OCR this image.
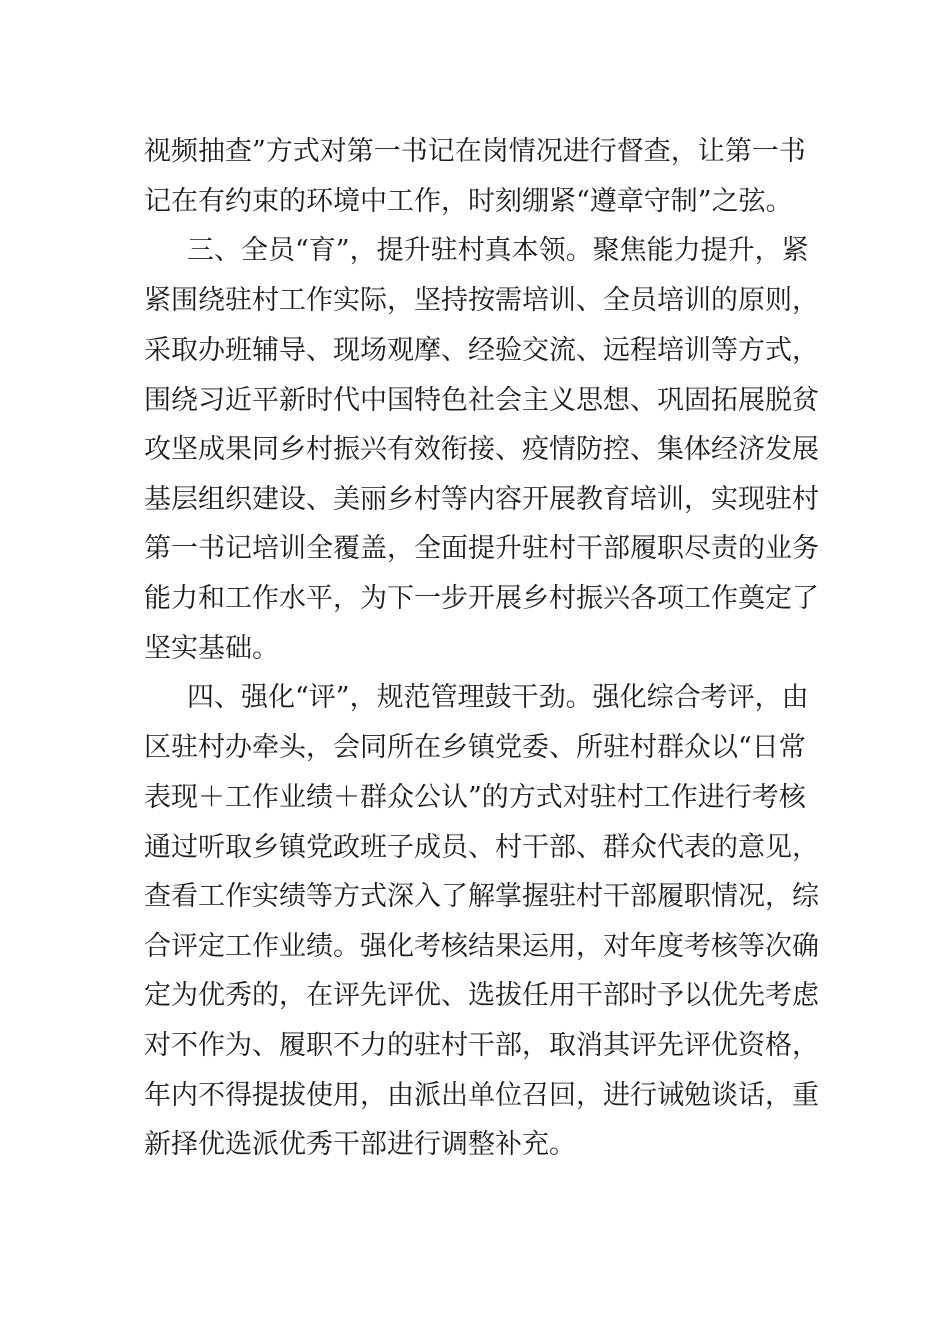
视频抽查”方式对第一书记在岗情况进行督查，让第一书
记在有约束的环境中工作，时刻绷紧“遵章守制”之弦。
三、全员“育”，提升驻村真本领。聚焦能力提升，紧
紧围绕驻村工作实际，坚持按需培训、全员培训的原则，
采取办班辅导、现场观摩、经验交流、远程培训等方式，
围绕习近平新时代中国特色社会主义思想、巩固拓展脱贫
攻坚成果同乡村振兴有效衔接、疫情防控、集体经济发展
基层组织建设、美丽乡村等内容开展教育培训，实现驻村
第一书记培训全覆盖，全面提升驻村干部履职尽责的业务
能力和工作水平，为下一步开展乡村振兴各项工作奠定了
坚实基础。
四、强化“评”，规范管理鼓干劲。强化综合考评，由
区驻村办牵头，会同所在乡镇党委、所驻村群众以“日常
表现＋工作业绩＋群众公认”的方式对驻村工作进行考核
通过听取乡镇党政班子成员、村干部、群众代表的意见，
查看工作实绩等方式深入了解掌握驻村干部履职情况，综
合评定工作业绩。强化考核结果运用，对年度考核等次确
定为优秀的，在评先评优、选拔任用干部时予以优先考虑
对不作为、履职不力的驻村干部，取消其评先评优资格，
年内不得提拔使用，由派出单位召回，进行诫勉谈话，重
新择优选派优秀干部进行调整补充。
